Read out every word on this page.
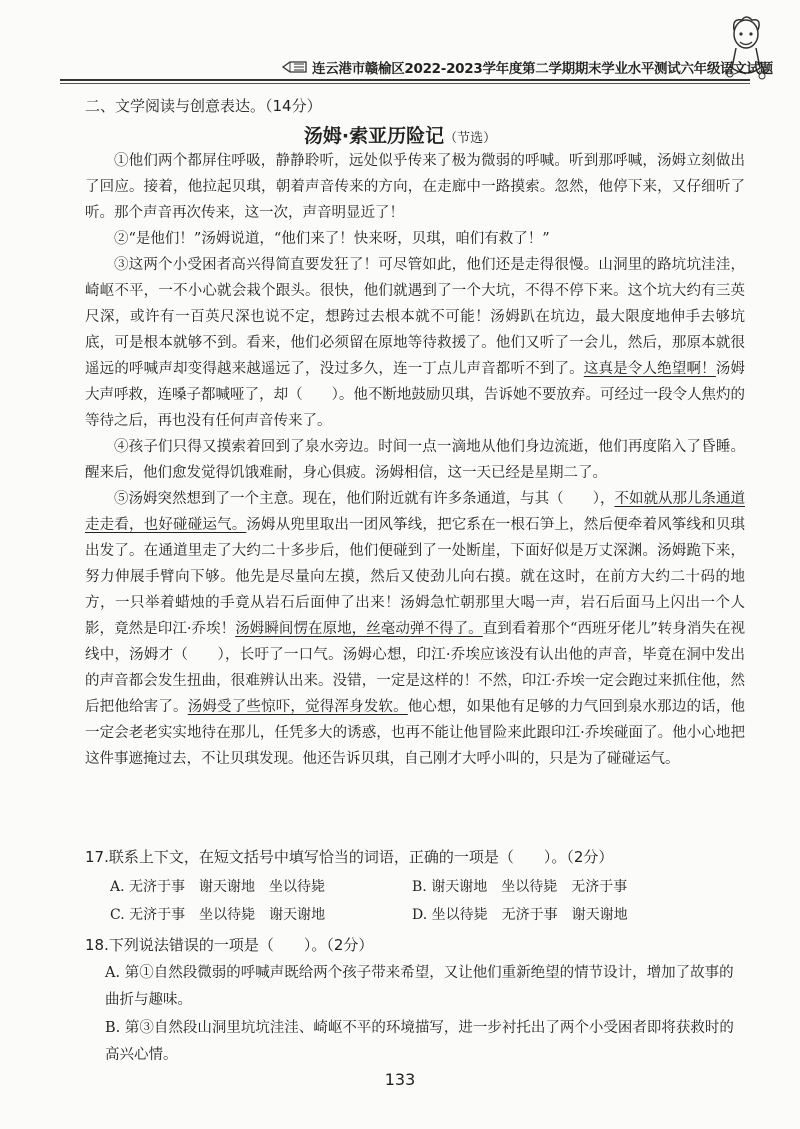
连云港市赣榆区2022-2023学年度第二学期期末学业水平测试六年级语文试题
二、文学阅读与创意表达。（14分）
汤姆·索亚历险记（节选）

①他们两个都屏住呼吸，静静聆听，远处似乎传来了极为微弱的呼喊。听到那呼喊，汤姆立刻做出了回应。接着，他拉起贝琪，朝着声音传来的方向，在走廊中一路摸索。忽然，他停下来，又仔细听了听。那个声音再次传来，这一次，声音明显近了！

②“是他们！”汤姆说道，“他们来了！快来呀，贝琪，咱们有救了！”

③这两个小受困者高兴得简直要发狂了！可尽管如此，他们还是走得很慢。山洞里的路坑坑洼洼，崎岖不平，一不小心就会栽个跟头。很快，他们就遇到了一个大坑，不得不停下来。这个坑大约有三英尺深，或许有一百英尺深也说不定，想跨过去根本就不可能！汤姆趴在坑边，最大限度地伸手去够坑底，可是根本就够不到。看来，他们必须留在原地等待救援了。他们又听了一会儿，然后，那原本就很遥远的呼喊声却变得越来越遥远了，没过多久，连一丁点儿声音都听不到了。这真是令人绝望啊！汤姆大声呼救，连嗓子都喊哑了，却（　　）。他不断地鼓励贝琪，告诉她不要放弃。可经过一段令人焦灼的等待之后，再也没有任何声音传来了。

④孩子们只得又摸索着回到了泉水旁边。时间一点一滴地从他们身边流逝，他们再度陷入了昏睡。醒来后，他们愈发觉得饥饿难耐，身心俱疲。汤姆相信，这一天已经是星期二了。

⑤汤姆突然想到了一个主意。现在，他们附近就有许多条通道，与其（　　），不如就从那儿条通道走走看，也好碰碰运气。汤姆从兜里取出一团风筝线，把它系在一根石笋上，然后便牵着风筝线和贝琪出发了。在通道里走了大约二十多步后，他们便碰到了一处断崖，下面好似是万丈深渊。汤姆跪下来，努力伸展手臂向下够。他先是尽量向左摸，然后又使劲儿向右摸。就在这时，在前方大约二十码的地方，一只举着蜡烛的手竟从岩石后面伸了出来！汤姆急忙朝那里大喝一声，岩石后面马上闪出一个人影，竟然是印江·乔埃！汤姆瞬间愣在原地，丝毫动弹不得了。直到看着那个“西班牙佬儿”转身消失在视线中，汤姆才（　　），长吁了一口气。汤姆心想，印江·乔埃应该没有认出他的声音，毕竟在洞中发出的声音都会发生扭曲，很难辨认出来。没错，一定是这样的！不然，印江·乔埃一定会跑过来抓住他，然后把他给害了。汤姆受了些惊吓，觉得浑身发软。他心想，如果他有足够的力气回到泉水那边的话，他一定会老老实实地待在那儿，任凭多大的诱惑，也再不能让他冒险来此跟印江·乔埃碰面了。他小心地把这件事遮掩过去，不让贝琪发现。他还告诉贝琪，自己刚才大呼小叫的，只是为了碰碰运气。

17.联系上下文，在短文括号中填写恰当的词语，正确的一项是（　　）。（2分）
A. 无济于事　谢天谢地　坐以待毙	B. 谢天谢地　坐以待毙　无济于事
C. 无济于事　坐以待毙　谢天谢地	D. 坐以待毙　无济于事　谢天谢地
18.下列说法错误的一项是（　　）。（2分）
A. 第①自然段微弱的呼喊声既给两个孩子带来希望，又让他们重新绝望的情节设计，增加了故事的曲折与趣味。
B. 第③自然段山洞里坑坑洼洼、崎岖不平的环境描写，进一步衬托出了两个小受困者即将获救时的高兴心情。
133
